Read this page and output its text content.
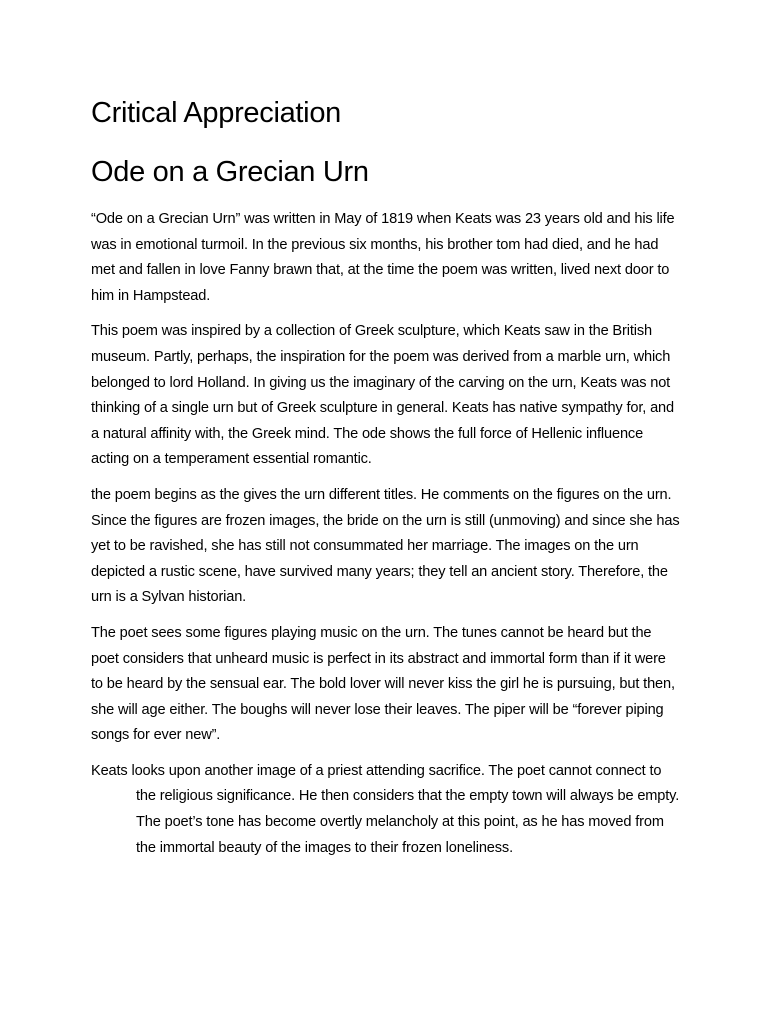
Critical Appreciation
Ode on a Grecian Urn

“Ode on a Grecian Urn” was written in May of 1819 when Keats was 23 years old and his life was in emotional turmoil. In the previous six months, his brother tom had died, and he had met and fallen in love Fanny brawn that, at the time the poem was written, lived next door to him in Hampstead.

This poem was inspired by a collection of Greek sculpture, which Keats saw in the British museum. Partly, perhaps, the inspiration for the poem was derived from a marble urn, which belonged to lord Holland. In giving us the imaginary of the carving on the urn, Keats was not thinking of a single urn but of Greek sculpture in general. Keats has native sympathy for, and a natural affinity with, the Greek mind. The ode shows the full force of Hellenic influence acting on a temperament essential romantic.

the poem begins as the gives the urn different titles. He comments on the figures on the urn. Since the figures are frozen images, the bride on the urn is still (unmoving) and since she has yet to be ravished, she has still not consummated her marriage. The images on the urn depicted a rustic scene, have survived many years; they tell an ancient story. Therefore, the urn is a Sylvan historian.

The poet sees some figures playing music on the urn. The tunes cannot be heard but the poet considers that unheard music is perfect in its abstract and immortal form than if it were to be heard by the sensual ear. The bold lover will never kiss the girl he is pursuing, but then, she will age either. The boughs will never lose their leaves. The piper will be “forever piping songs for ever new”.

Keats looks upon another image of a priest attending sacrifice. The poet cannot connect to the religious significance. He then considers that the empty town will always be empty. The poet’s tone has become overtly melancholy at this point, as he has moved from the immortal beauty of the images to their frozen loneliness.
